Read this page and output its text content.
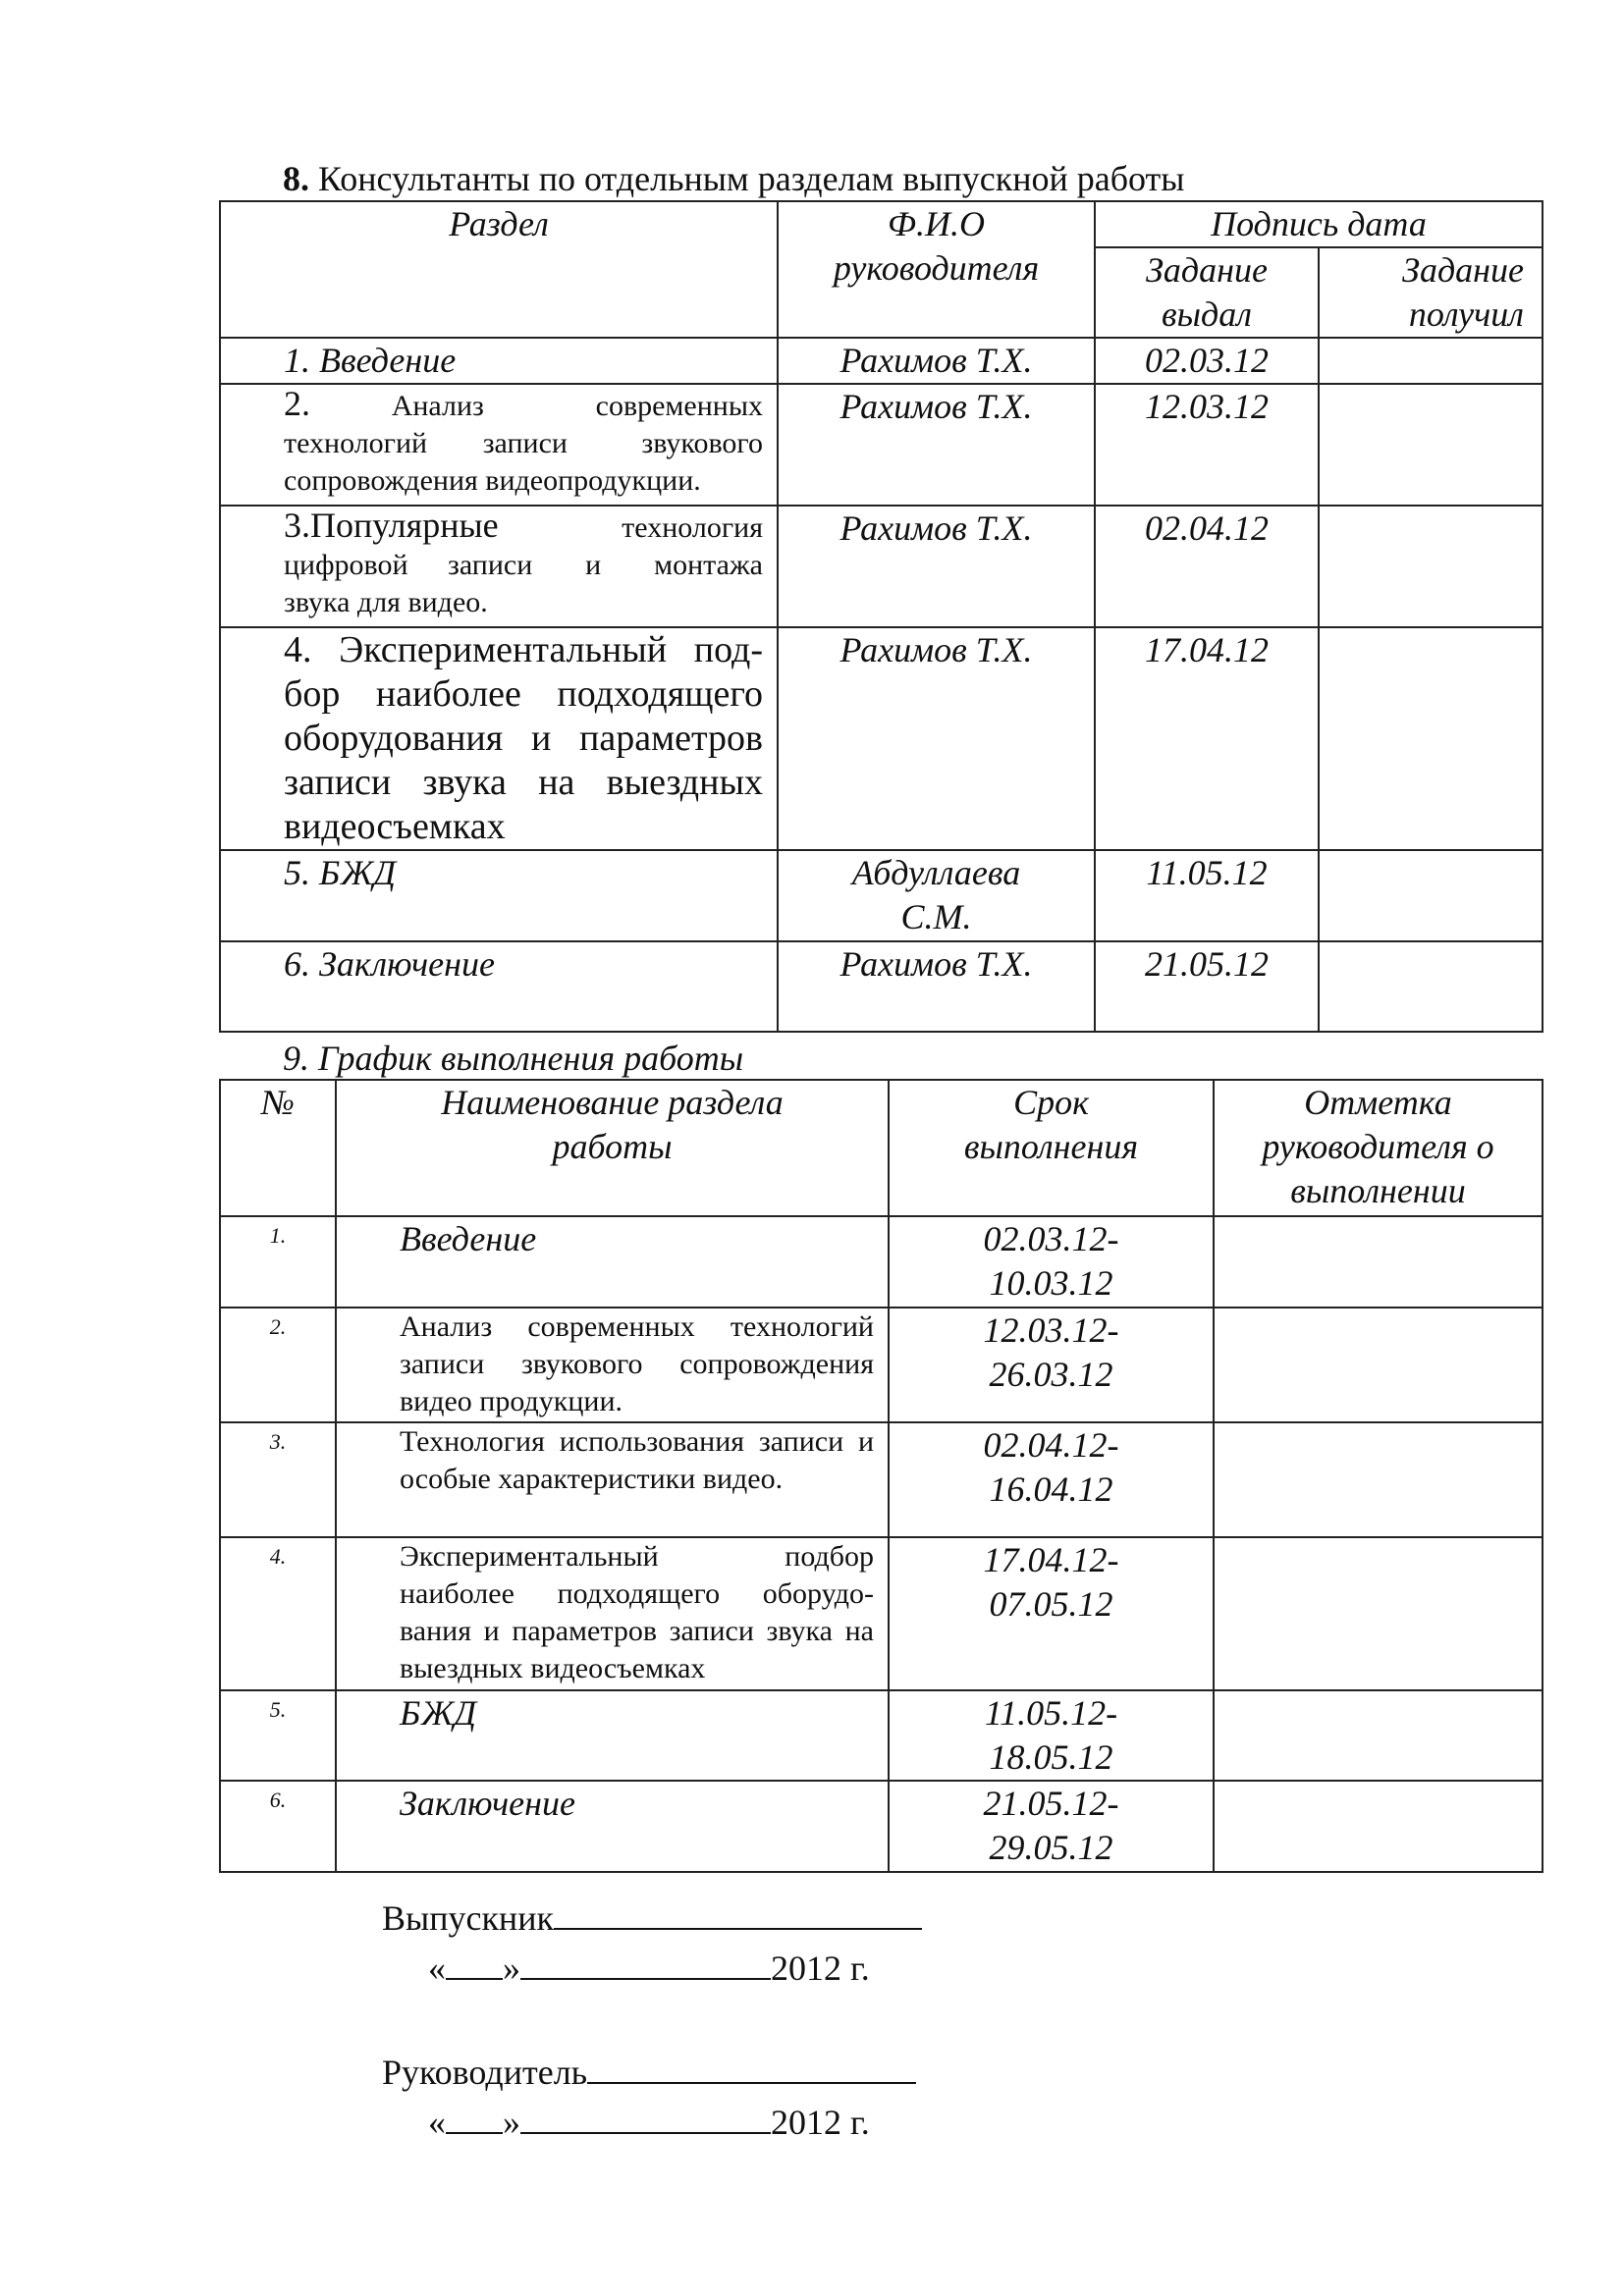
8. Консультанты по отдельным разделам выпускной работы
Раздел	Ф.И.О руководителя	Подпись дата	
		Задание выдал	Задание получил
1. Введение	Рахимов Т.Х.	02.03.12	
2.        Анализ           современных технологий   записи    звукового сопровождения видеопродукции.	Рахимов Т.Х.	12.03.12	
3.Популярные           технология цифровой   записи    и    монтажа звука для видео.	Рахимов Т.Х.	02.04.12	
4. Экспериментальный под-бор наиболее подходящего оборудования и параметров записи звука на выездных видеосъемках	Рахимов Т.Х.	17.04.12	
5. БЖД	Абдуллаева С.М.	11.05.12	
6. Заключение	Рахимов Т.Х.	21.05.12	
9. График выполнения работы
№	Наименование раздела работы	Срок выполнения	Отметка руководителя о выполнении
1.	Введение	02.03.12-10.03.12	
2.	Анализ современных технологий записи звукового сопровождения видео продукции.	12.03.12-26.03.12	
3.	Технология использования записи и особые характеристики видео.	02.04.12-16.04.12	
4.	Экспериментальный подбор наиболее подходящего оборудо-вания и параметров записи звука на выездных видеосъемках	17.04.12-07.05.12	
5.	БЖД	11.05.12-18.05.12	
6.	Заключение	21.05.12-29.05.12	
Выпускник
« »	2012 г.
Руководитель
« »	2012 г.
